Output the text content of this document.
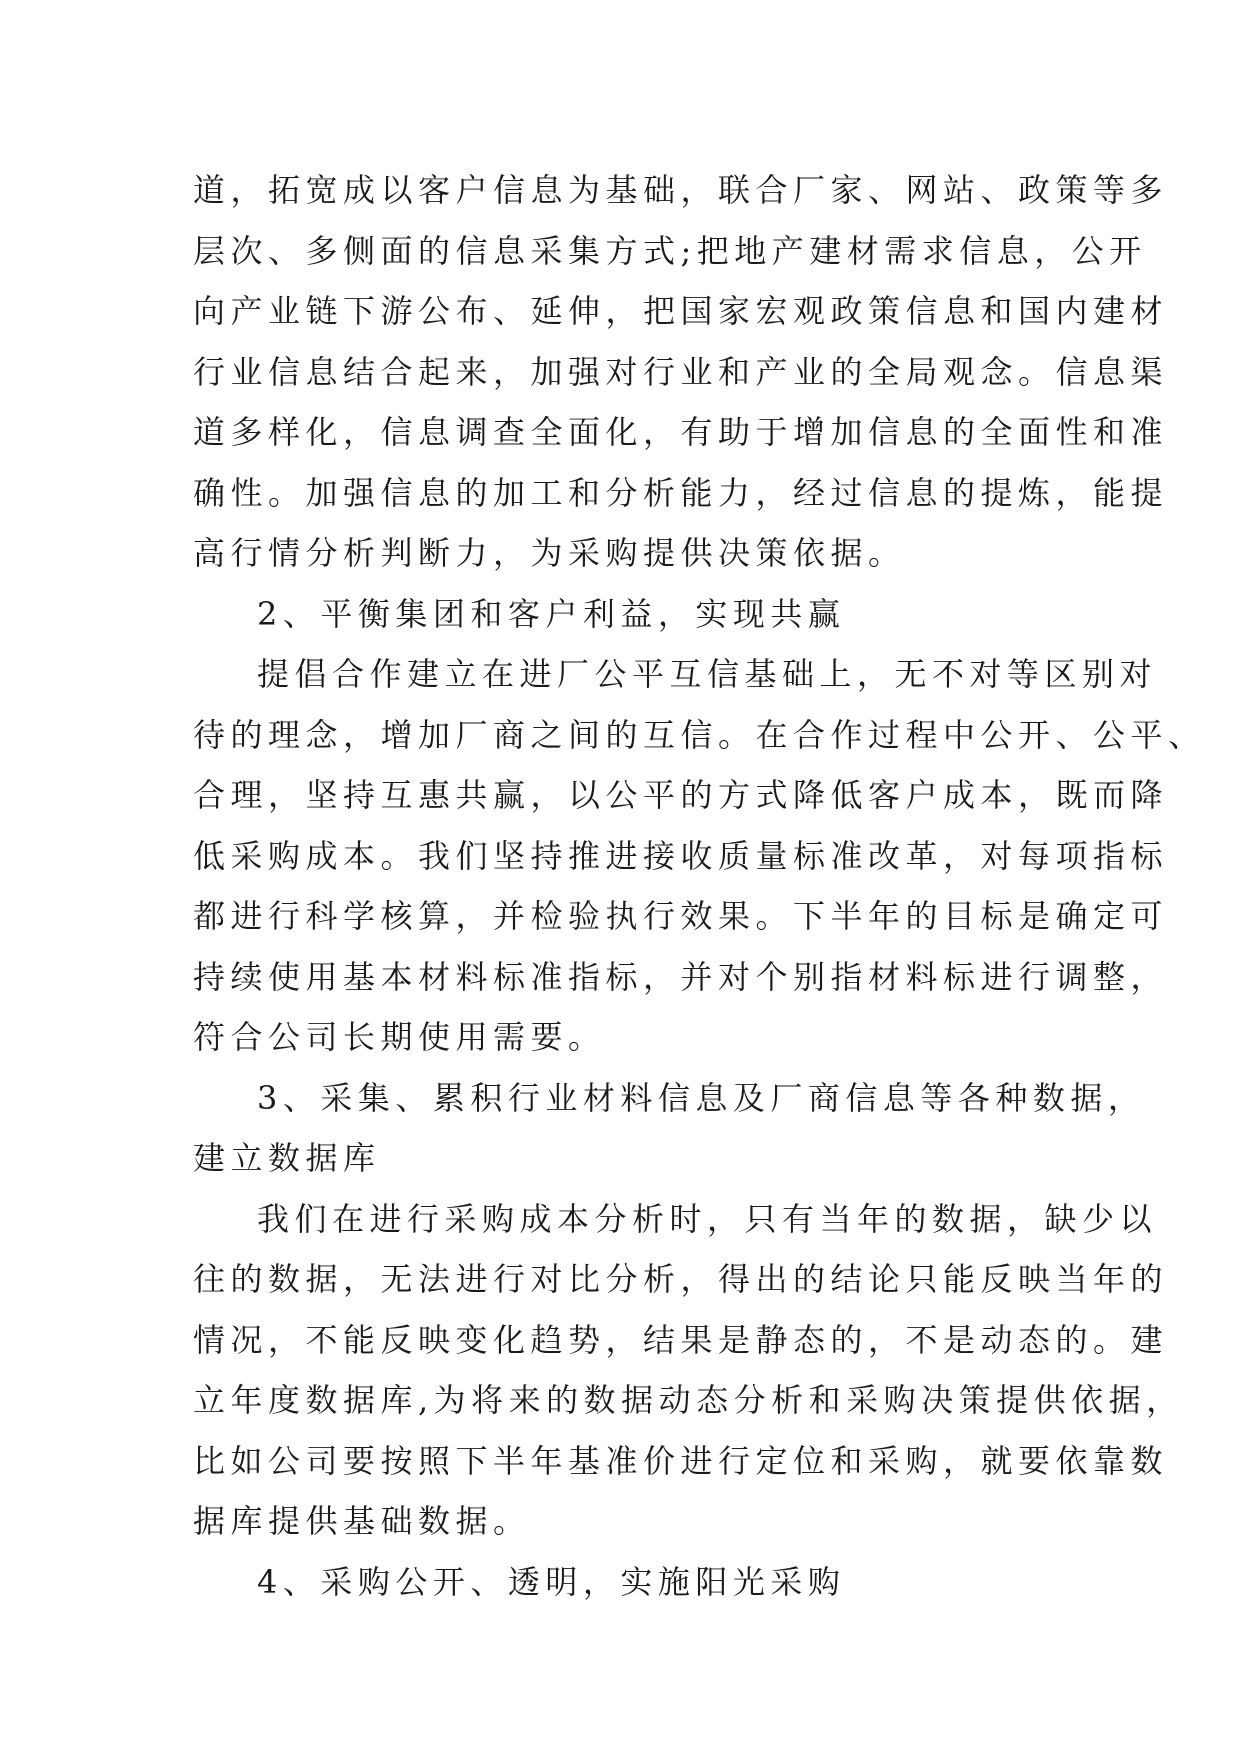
道，拓宽成以客户信息为基础，联合厂家、网站、政策等多
层次、多侧面的信息采集方式;把地产建材需求信息，公开
向产业链下游公布、延伸，把国家宏观政策信息和国内建材
行业信息结合起来，加强对行业和产业的全局观念。信息渠
道多样化，信息调查全面化，有助于增加信息的全面性和准
确性。加强信息的加工和分析能力，经过信息的提炼，能提
高行情分析判断力，为采购提供决策依据。
2、平衡集团和客户利益，实现共赢
提倡合作建立在进厂公平互信基础上，无不对等区别对
待的理念，增加厂商之间的互信。在合作过程中公开、公平、
合理，坚持互惠共赢，以公平的方式降低客户成本，既而降
低采购成本。我们坚持推进接收质量标准改革，对每项指标
都进行科学核算，并检验执行效果。下半年的目标是确定可
持续使用基本材料标准指标，并对个别指材料标进行调整，
符合公司长期使用需要。
3、采集、累积行业材料信息及厂商信息等各种数据，
建立数据库
我们在进行采购成本分析时，只有当年的数据，缺少以
往的数据，无法进行对比分析，得出的结论只能反映当年的
情况，不能反映变化趋势，结果是静态的，不是动态的。建
立年度数据库,为将来的数据动态分析和采购决策提供依据，
比如公司要按照下半年基准价进行定位和采购，就要依靠数
据库提供基础数据。
4、采购公开、透明，实施阳光采购
